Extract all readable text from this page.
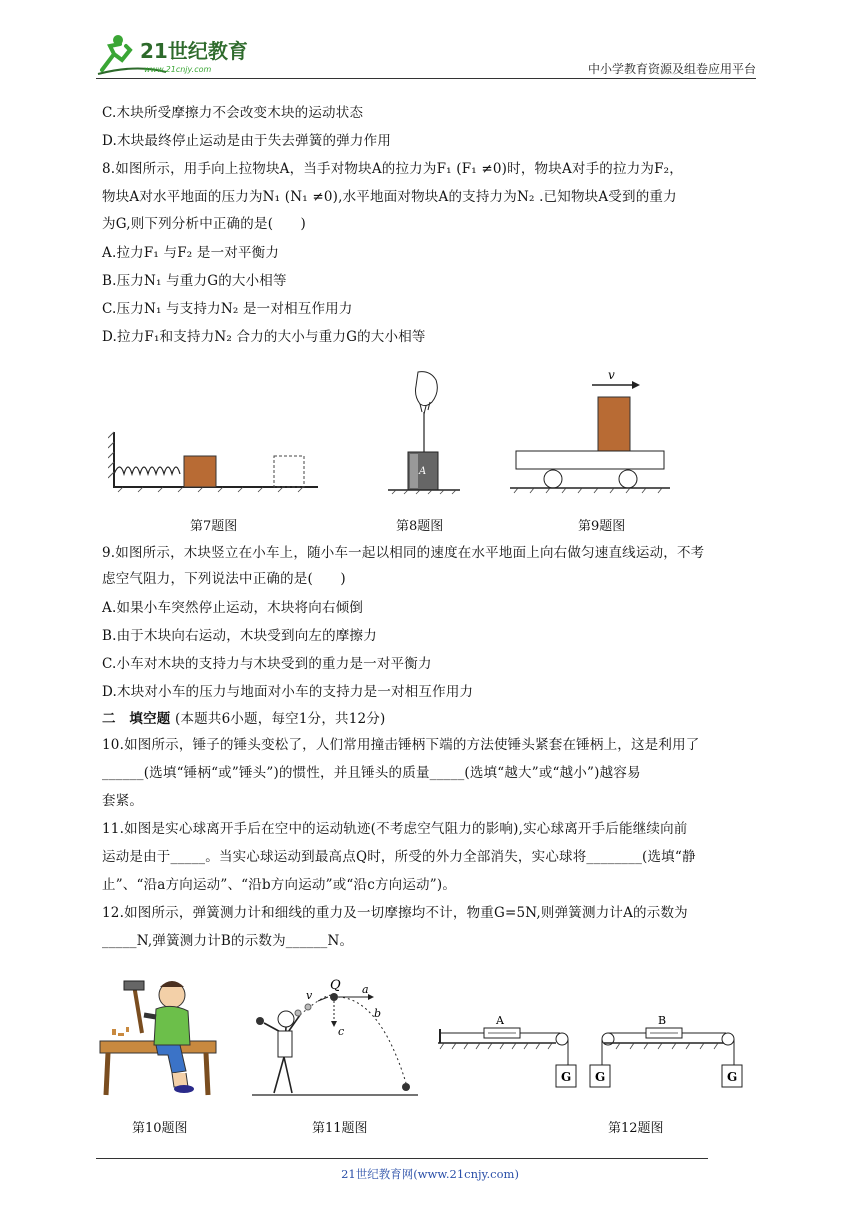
21世纪教育
www.21cnjy.com	中小学教育资源及组卷应用平台
C.木块所受摩擦力不会改变木块的运动状态
D.木块最终停止运动是由于失去弹簧的弹力作用
8.如图所示，用手向上拉物块A，当手对物块A的拉力为F₁ (F₁ ≠0)时，物块A对手的拉力为F₂，
物块A对水平地面的压力为N₁ (N₁ ≠0),水平地面对物块A的支持力为N₂ .已知物块A受到的重力
为G,则下列分析中正确的是(　　)
A.拉力F₁ 与F₂ 是一对平衡力
B.压力N₁ 与重力G的大小相等
C.压力N₁ 与支持力N₂ 是一对相互作用力
D.拉力F₁和支持力N₂ 合力的大小与重力G的大小相等
第7题图
A
第8题图
v
第9题图
9.如图所示，木块竖立在小车上，随小车一起以相同的速度在水平地面上向右做匀速直线运动，不考
虑空气阻力，下列说法中正确的是(　　)
A.如果小车突然停止运动，木块将向右倾倒
B.由于木块向右运动，木块受到向左的摩擦力
C.小车对木块的支持力与木块受到的重力是一对平衡力
D.木块对小车的压力与地面对小车的支持力是一对相互作用力
二　填空题 (本题共6小题，每空1分，共12分)
10.如图所示，锤子的锤头变松了，人们常用撞击锤柄下端的方法使锤头紧套在锤柄上，这是利用了
______(选填“锤柄“或”锤头”)的惯性，并且锤头的质量_____(选填“越大”或“越小”)越容易
套紧。
11.如图是实心球离开手后在空中的运动轨迹(不考虑空气阻力的影响),实心球离开手后能继续向前
运动是由于_____。当实心球运动到最高点Q时，所受的外力全部消失，实心球将________(选填“静
止”、“沿a方向运动”、“沿b方向运动”或“沿c方向运动”)。
12.如图所示，弹簧测力计和细线的重力及一切摩擦均不计，物重G=5N,则弹簧测力计A的示数为
_____N,弹簧测力计B的示数为______N。
第10题图
Q
v	a
c
b
第11题图
A
G G
B
G
第12题图
21世纪教育网(www.21cnjy.com)
